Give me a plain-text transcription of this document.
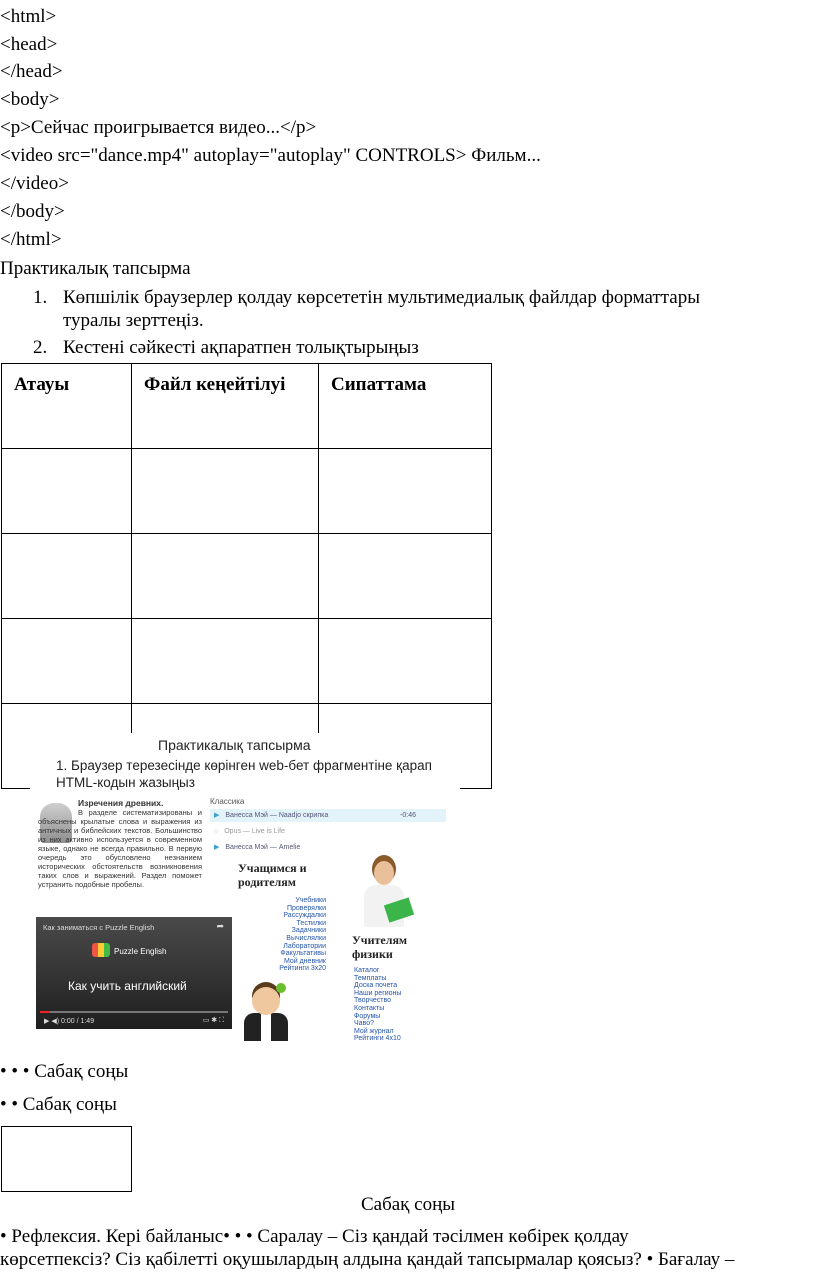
<html>
<head>
</head>
<body>
<p>Сейчас проигрывается видео...</p>
<video src="dance.mp4" autoplay="autoplay" CONTROLS> Фильм...
</video>
</body>
</html>
Практикалық тапсырма
1. Көпшілік браузерлер қолдау көрсететін мультимедиалық файлдар форматтары
туралы зерттеңіз.
2. Кестені сәйкесті ақпаратпен толықтырыңыз
Атауы	Файл кеңейтілуі	Сипаттама

Практикалық тапсырма
1. Браузер терезесінде көрінген web-бет фрагментіне қарап HTML-кодын жазыңыз
Изречения древних.
В разделе систематизированы и объяснены крылатые слова и выражения из античных и библейских текстов. Большинство из них активно используется в современном языке, однако не всегда правильно. В первую очередь это обусловлено незнанием исторических обстоятельств возникновения таких слов и выражений. Раздел поможет устранить подобные пробелы.
Классика
▶ Ванесса Мэй — Naadjo скрипка	-0:46
○ Opus — Live is Life
▶ Ванесса Мэй — Amelie
Учащимся и родителям
Учебники
Проверялки
Рассуждалки
Тестилки
Задачники
Вычислялки
Лаборатории
Факультативы
Мой дневник
Рейтинги 3х20
Учителям физики
Каталог
Темплаты
Доска почета
Наши регионы
Творчество
Контакты
Форумы
Чаво?
Мой журнал
Рейтинги 4х10
Как заниматься с Puzzle English	➦
Puzzle English
Как учить английский
▶ ◀) 0:00 / 1:49	▭ ✱ ⛶
• • • Сабақ соңы
• • Сабақ соңы
Сабақ соңы
• Рефлексия. Кері байланыс• • • Саралау – Сіз қандай тәсілмен көбірек қолдау
көрсетпексіз? Сіз қабілетті оқушылардың алдына қандай тапсырмалар қоясыз? • Бағалау –
